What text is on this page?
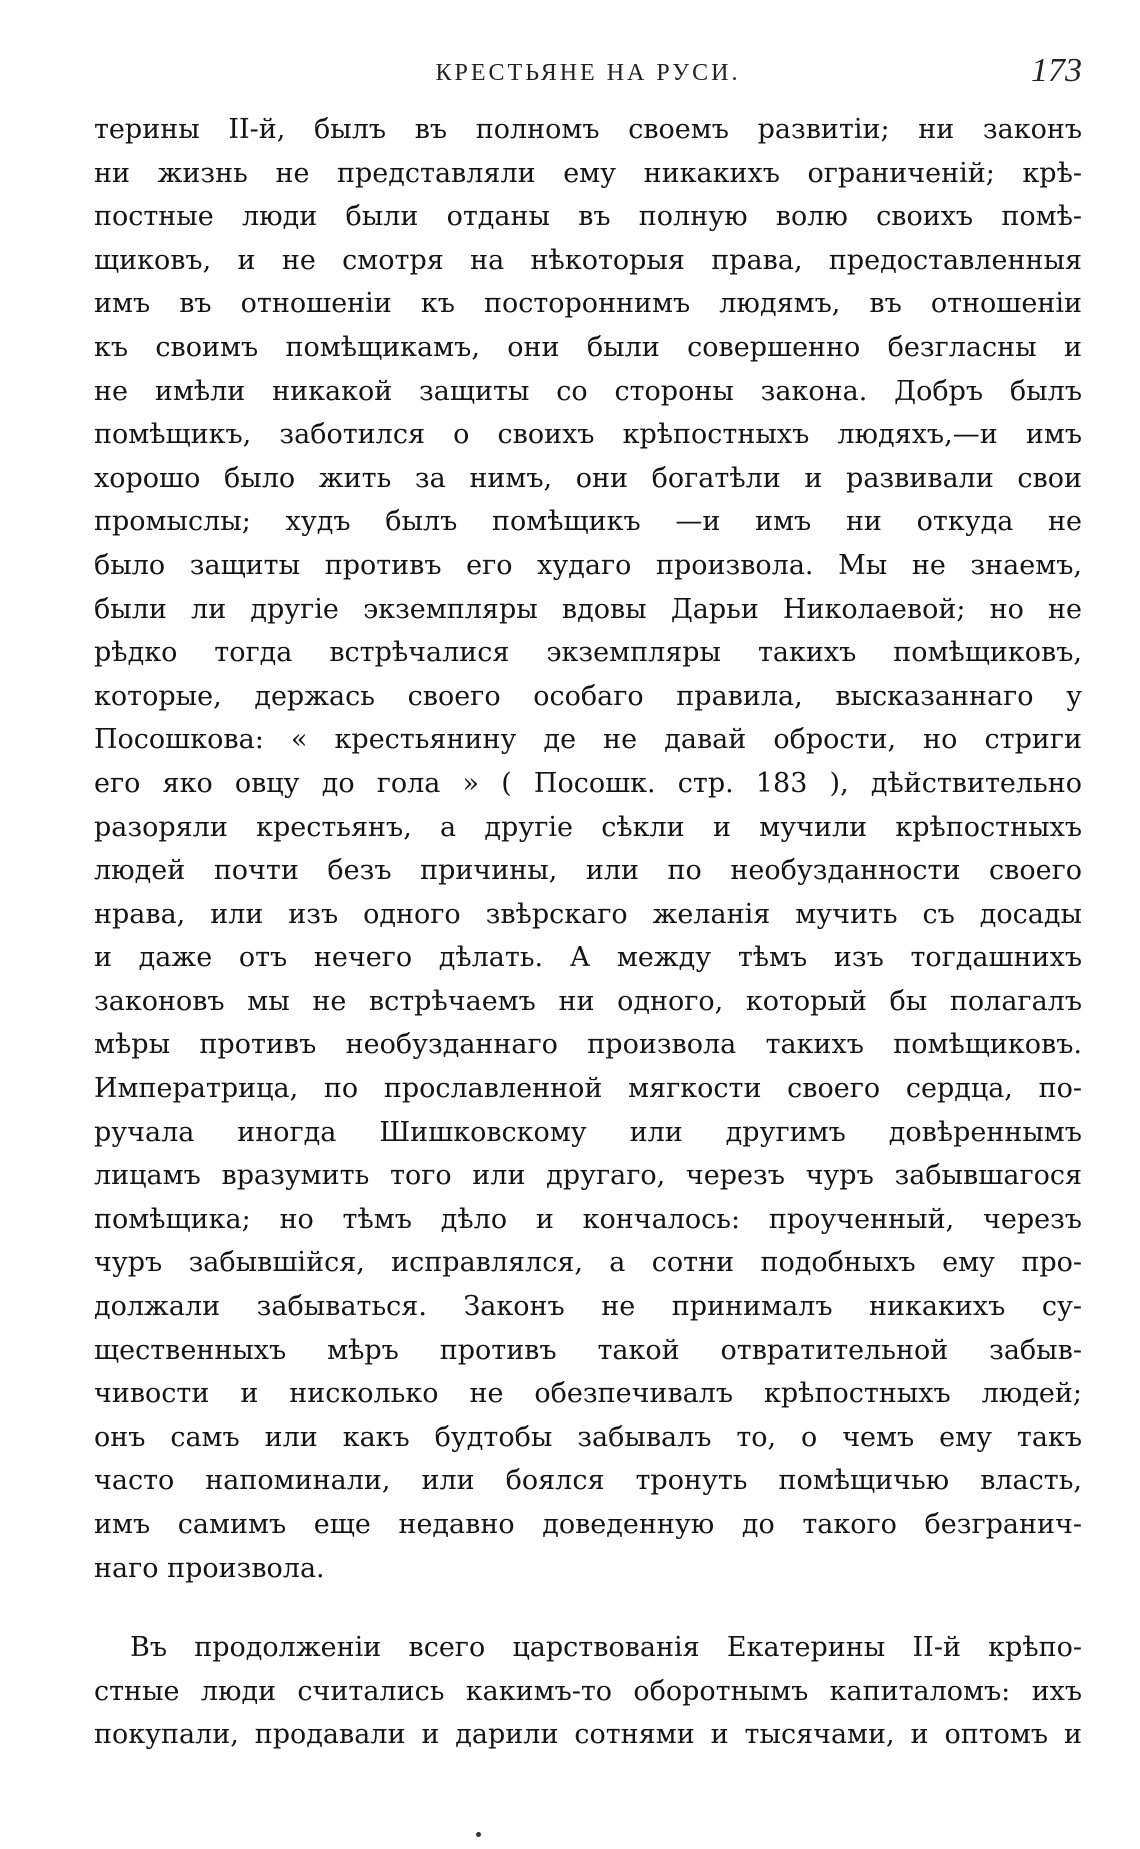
КРЕСТЬЯНЕ НА РУСИ.	173
терины II-й, былъ въ полномъ своемъ развитіи; ни законъ
ни жизнь не представляли ему никакихъ ограниченій; крѣ-
постные люди были отданы въ полную волю своихъ помѣ-
щиковъ, и не смотря на нѣкоторыя права, предоставленныя
имъ въ отношеніи къ постороннимъ людямъ, въ отношеніи
къ своимъ помѣщикамъ, они были совершенно безгласны и
не имѣли никакой защиты со стороны закона. Добръ былъ
помѣщикъ, заботился о своихъ крѣпостныхъ людяхъ,—и имъ
хорошо было жить за нимъ, они богатѣли и развивали свои
промыслы; худъ былъ помѣщикъ —и имъ ни откуда не
было защиты противъ его худаго произвола. Мы не знаемъ,
были ли другіе экземпляры вдовы Дарьи Николаевой; но не
рѣдко тогда встрѣчалися экземпляры такихъ помѣщиковъ,
которые, держась своего особаго правила, высказаннаго у
Посошкова: « крестьянину де не давай обрости, но стриги
его яко овцу до гола » ( Посошк. стр. 183 ), дѣйствительно
разоряли крестьянъ, а другіе сѣкли и мучили крѣпостныхъ
людей почти безъ причины, или по необузданности своего
нрава, или изъ одного звѣрскаго желанія мучить съ досады
и даже отъ нечего дѣлать. А между тѣмъ изъ тогдашнихъ
законовъ мы не встрѣчаемъ ни одного, который бы полагалъ
мѣры противъ необузданнаго произвола такихъ помѣщиковъ.
Императрица, по прославленной мягкости своего сердца, по-
ручала иногда Шишковскому или другимъ довѣреннымъ
лицамъ вразумить того или другаго, черезъ чуръ забывшагося
помѣщика; но тѣмъ дѣло и кончалось: проученный, черезъ
чуръ забывшійся, исправлялся, а сотни подобныхъ ему про-
должали забываться. Законъ не принималъ никакихъ су-
щественныхъ мѣръ противъ такой отвратительной забыв-
чивости и нисколько не обезпечивалъ крѣпостныхъ людей;
онъ самъ или какъ будтобы забывалъ то, о чемъ ему такъ
часто напоминали, или боялся тронуть помѣщичью власть,
имъ самимъ еще недавно доведенную до такого безгранич-
наго произвола.
Въ продолженіи всего царствованія Екатерины II-й крѣпо-
стные люди считались какимъ-то оборотнымъ капиталомъ: ихъ
покупали, продавали и дарили сотнями и тысячами, и оптомъ и
